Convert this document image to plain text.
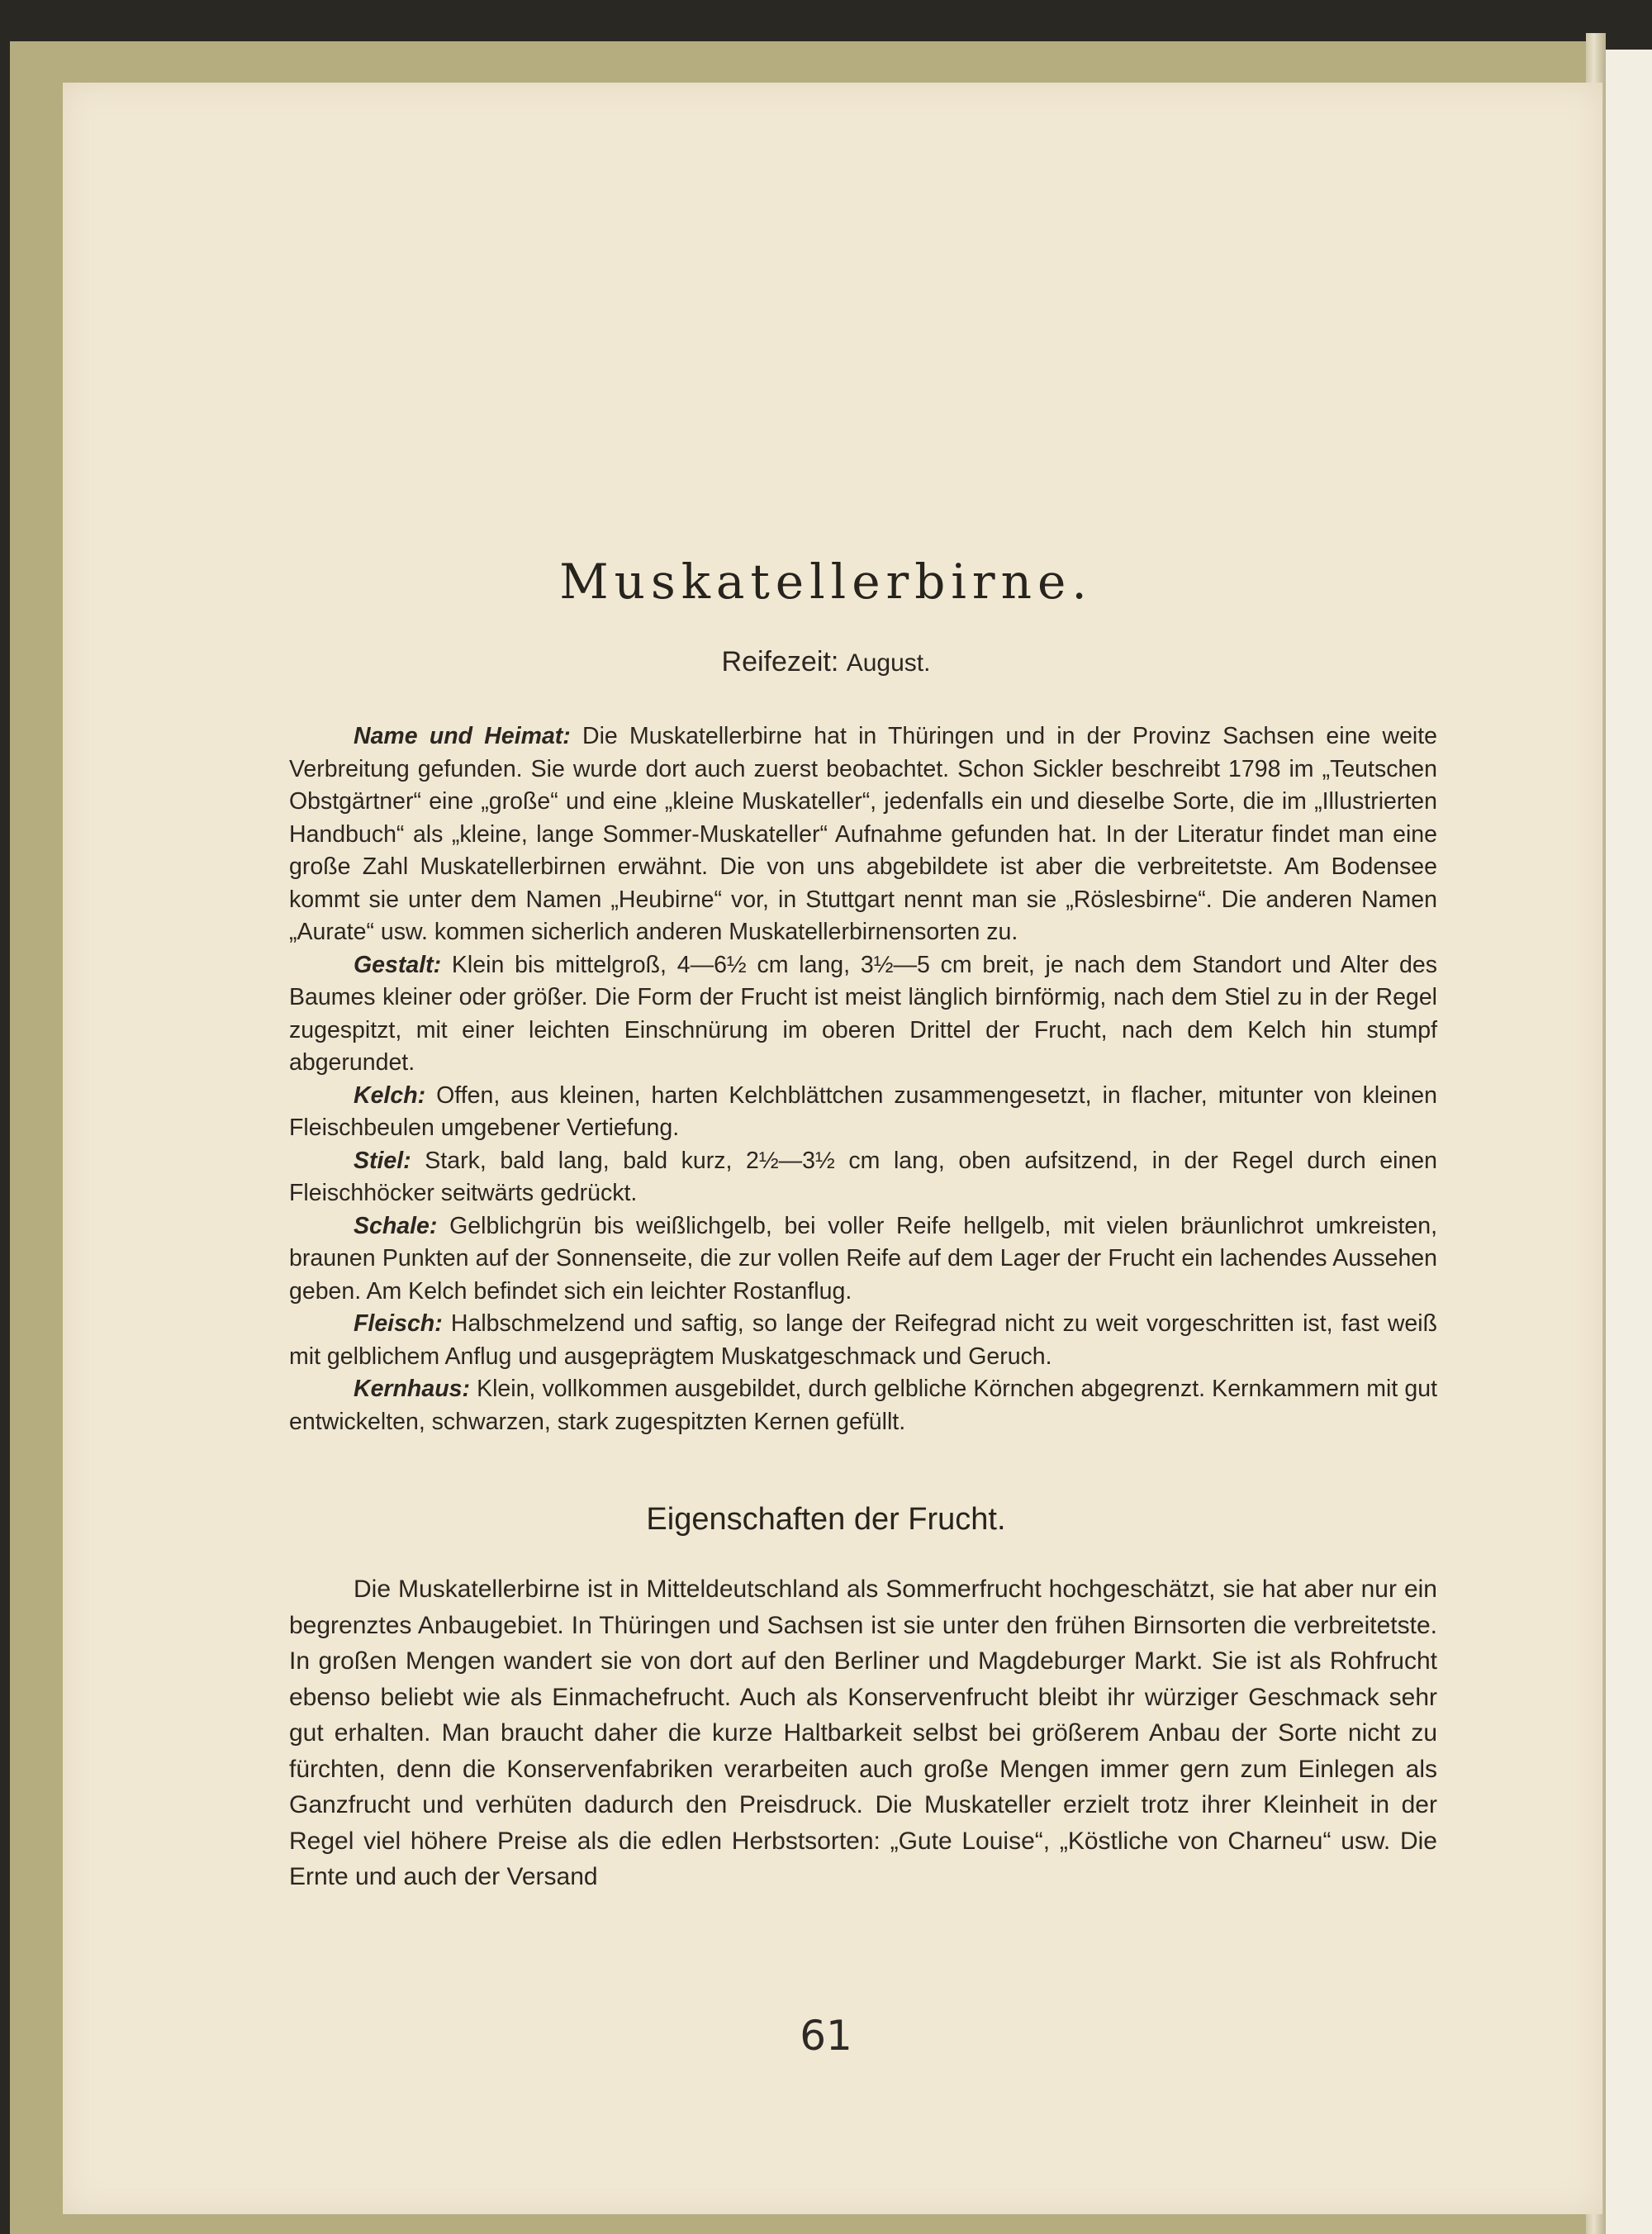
Muskatellerbirne.
Reifezeit: August.

Name und Heimat: Die Muskatellerbirne hat in Thüringen und in der Provinz Sachsen eine weite Verbreitung gefunden. Sie wurde dort auch zuerst beobachtet. Schon Sickler beschreibt 1798 im „Teutschen Obstgärtner“ eine „große“ und eine „kleine Muskateller“, jedenfalls ein und dieselbe Sorte, die im „Illustrierten Handbuch“ als „kleine, lange Sommer-Muskateller“ Aufnahme gefunden hat. In der Literatur findet man eine große Zahl Muskatellerbirnen erwähnt. Die von uns abgebildete ist aber die verbreitetste. Am Bodensee kommt sie unter dem Namen „Heubirne“ vor, in Stuttgart nennt man sie „Röslesbirne“. Die anderen Namen „Aurate“ usw. kommen sicherlich anderen Muskatellerbirnensorten zu.

Gestalt: Klein bis mittelgroß, 4—6½ cm lang, 3½—5 cm breit, je nach dem Standort und Alter des Baumes kleiner oder größer. Die Form der Frucht ist meist länglich birnförmig, nach dem Stiel zu in der Regel zugespitzt, mit einer leichten Einschnürung im oberen Drittel der Frucht, nach dem Kelch hin stumpf abgerundet.

Kelch: Offen, aus kleinen, harten Kelchblättchen zusammengesetzt, in flacher, mitunter von kleinen Fleischbeulen umgebener Vertiefung.

Stiel: Stark, bald lang, bald kurz, 2½—3½ cm lang, oben aufsitzend, in der Regel durch einen Fleischhöcker seitwärts gedrückt.

Schale: Gelblichgrün bis weißlichgelb, bei voller Reife hellgelb, mit vielen bräunlichrot umkreisten, braunen Punkten auf der Sonnenseite, die zur vollen Reife auf dem Lager der Frucht ein lachendes Aussehen geben. Am Kelch befindet sich ein leichter Rostanflug.

Fleisch: Halbschmelzend und saftig, so lange der Reifegrad nicht zu weit vorgeschritten ist, fast weiß mit gelblichem Anflug und ausgeprägtem Muskatgeschmack und Geruch.

Kernhaus: Klein, vollkommen ausgebildet, durch gelbliche Körnchen abgegrenzt. Kernkammern mit gut entwickelten, schwarzen, stark zugespitzten Kernen gefüllt.

Eigenschaften der Frucht.

Die Muskatellerbirne ist in Mitteldeutschland als Sommerfrucht hochgeschätzt, sie hat aber nur ein begrenztes Anbaugebiet. In Thüringen und Sachsen ist sie unter den frühen Birnsorten die verbreitetste. In großen Mengen wandert sie von dort auf den Berliner und Magdeburger Markt. Sie ist als Rohfrucht ebenso beliebt wie als Einmachefrucht. Auch als Konservenfrucht bleibt ihr würziger Geschmack sehr gut erhalten. Man braucht daher die kurze Haltbarkeit selbst bei größerem Anbau der Sorte nicht zu fürchten, denn die Konservenfabriken verarbeiten auch große Mengen immer gern zum Einlegen als Ganzfrucht und verhüten dadurch den Preisdruck. Die Muskateller erzielt trotz ihrer Kleinheit in der Regel viel höhere Preise als die edlen Herbstsorten: „Gute Louise“, „Köstliche von Charneu“ usw. Die Ernte und auch der Versand

61
